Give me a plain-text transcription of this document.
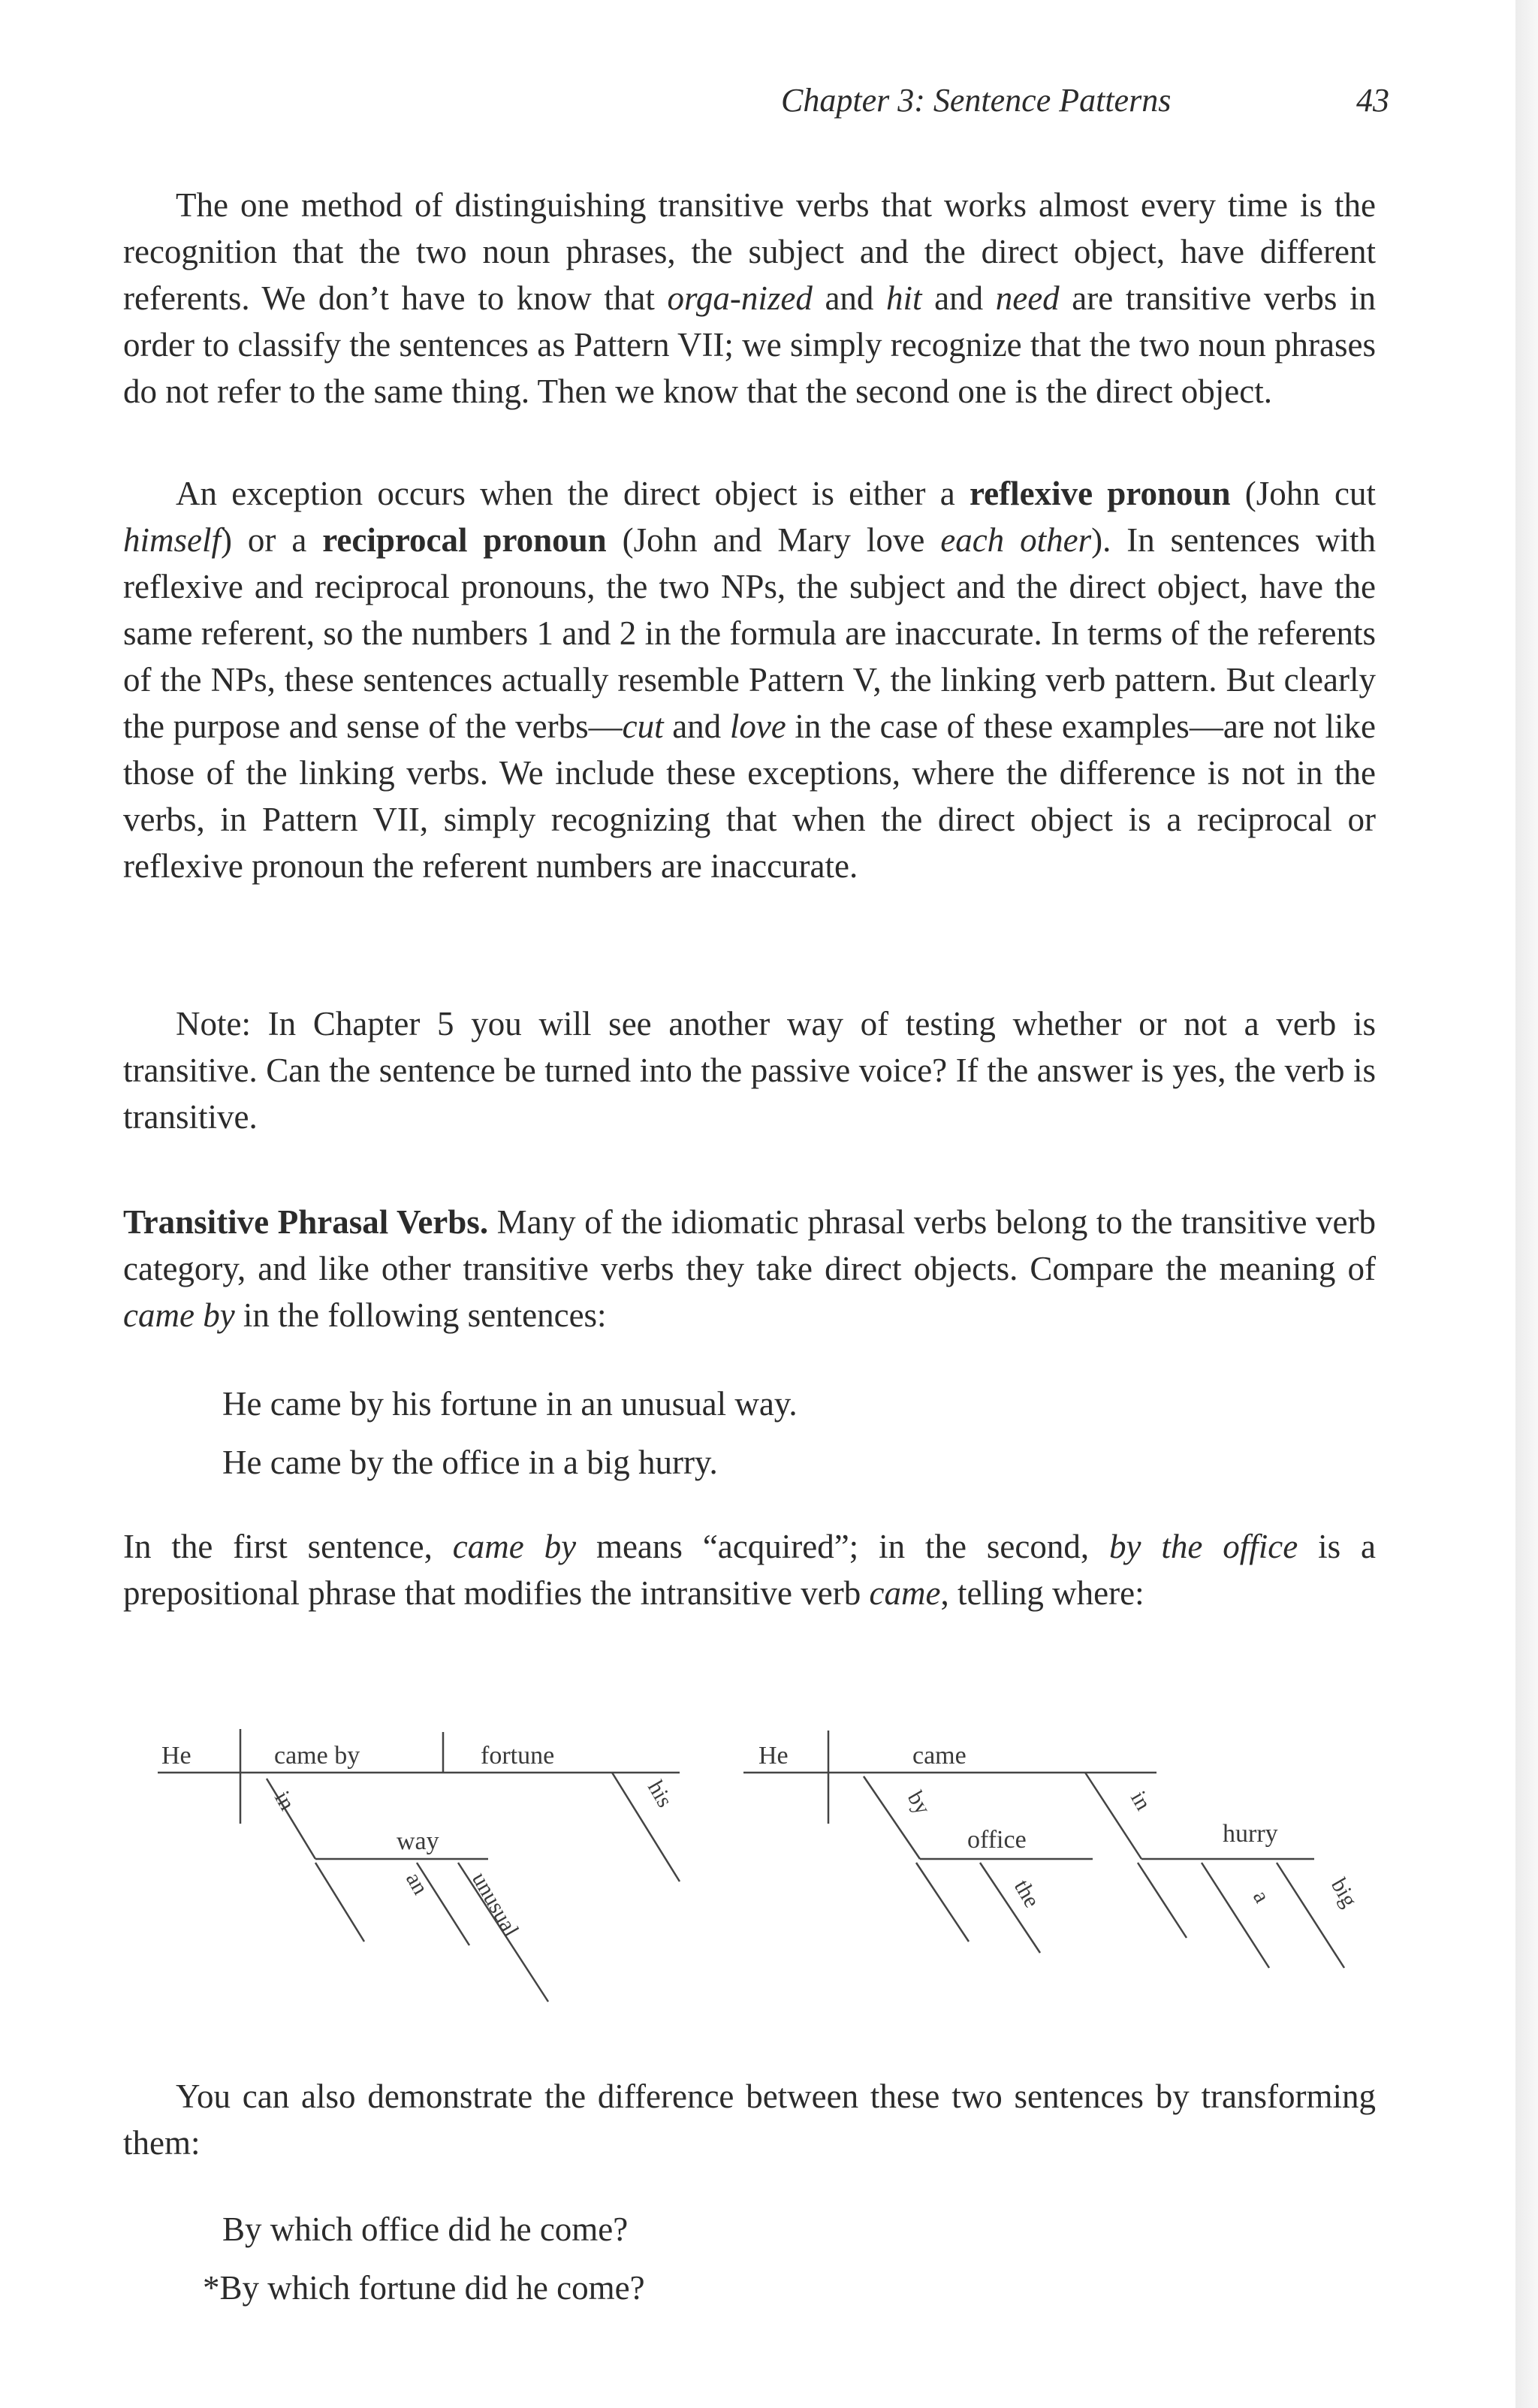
Chapter 3: Sentence Patterns	43

The one method of distinguishing transitive verbs that works almost every time is the recognition that the two noun phrases, the subject and the direct object, have different referents. We don’t have to know that orga-nized and hit and need are transitive verbs in order to classify the sentences as Pattern VII; we simply recognize that the two noun phrases do not refer to the same thing. Then we know that the second one is the direct object.

An exception occurs when the direct object is either a reflexive pronoun (John cut himself) or a reciprocal pronoun (John and Mary love each other). In sentences with reflexive and reciprocal pronouns, the two NPs, the subject and the direct object, have the same referent, so the numbers 1 and 2 in the formula are inaccurate. In terms of the referents of the NPs, these sentences actually resemble Pattern V, the linking verb pattern. But clearly the purpose and sense of the verbs—cut and love in the case of these examples—are not like those of the linking verbs. We include these exceptions, where the difference is not in the verbs, in Pattern VII, simply recognizing that when the direct object is a reciprocal or reflexive pronoun the referent numbers are inaccurate.

Note: In Chapter 5 you will see another way of testing whether or not a verb is transitive. Can the sentence be turned into the passive voice? If the answer is yes, the verb is transitive.

Transitive Phrasal Verbs. Many of the idiomatic phrasal verbs belong to the transitive verb category, and like other transitive verbs they take direct objects. Compare the meaning of came by in the following sentences:

He came by his fortune in an unusual way.
He came by the office in a big hurry.

In the first sentence, came by means “acquired”; in the second, by the office is a prepositional phrase that modifies the intransitive verb came, telling where:

He	came by	fortune
in
way
an unusual
his
He	came
by
office
the
in
hurry
a big

You can also demonstrate the difference between these two sentences by transforming them:

By which office did he come?
*By which fortune did he come?
